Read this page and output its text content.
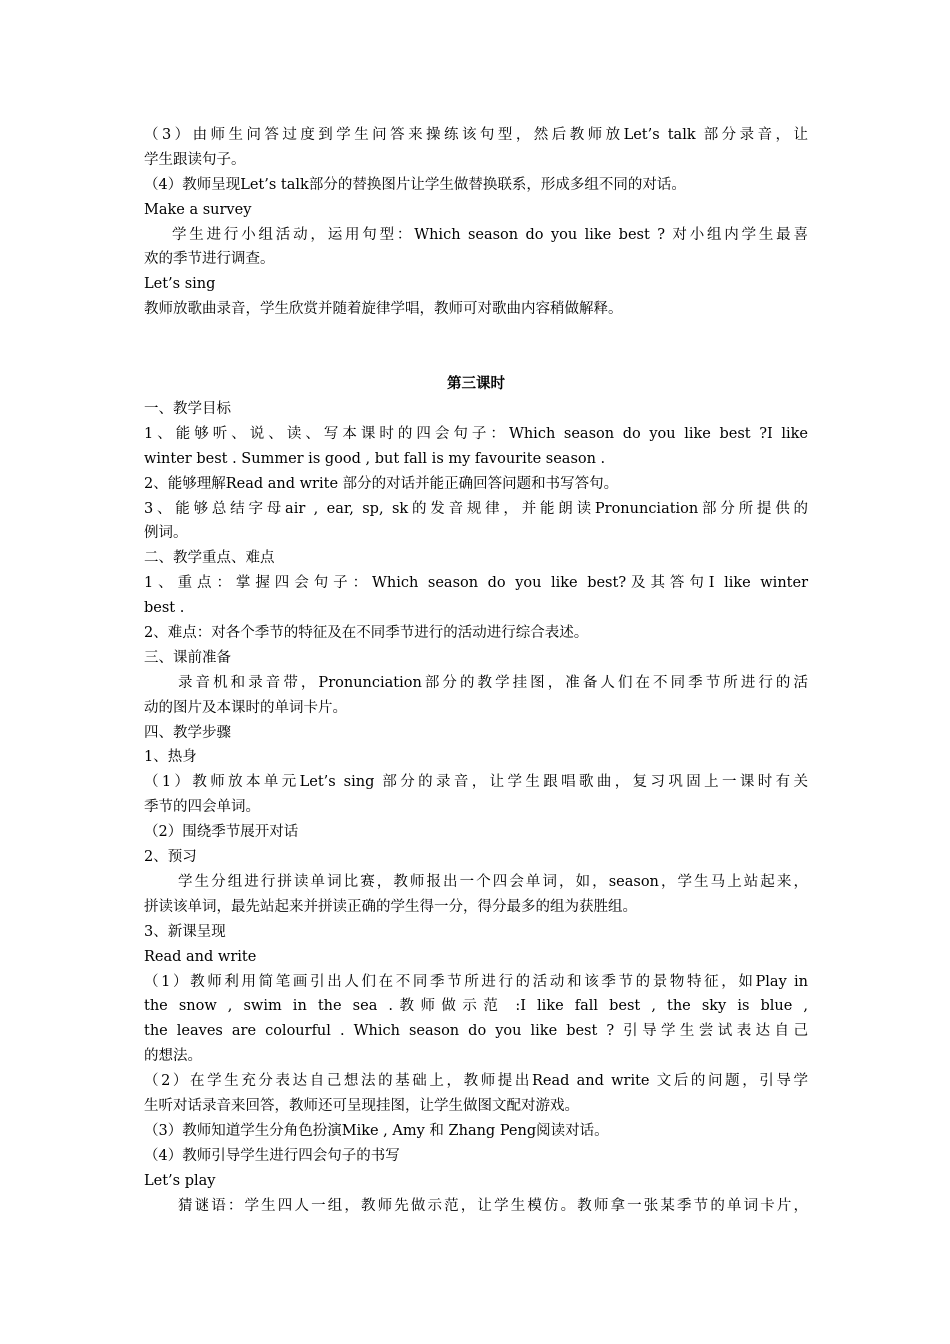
（3）由师生问答过度到学生问答来操练该句型，然后教师放Let’s talk 部分录音，让
学生跟读句子。
（4）教师呈现Let’s talk部分的替换图片让学生做替换联系，形成多组不同的对话。
Make a survey
学生进行小组活动，运用句型：Which season do you like best ? 对小组内学生最喜
欢的季节进行调查。
Let’s sing
教师放歌曲录音，学生欣赏并随着旋律学唱，教师可对歌曲内容稍做解释。
第三课时
一、教学目标
1、能够听、说、读、写本课时的四会句子：Which season do you like best ?I like
winter best . Summer is good , but fall is my favourite season .
2、能够理解Read and write 部分的对话并能正确回答问题和书写答句。
3、能够总结字母air , ear, sp, sk的发音规律，并能朗读Pronunciation部分所提供的
例词。
二、教学重点、难点
1、重点：掌握四会句子：Which season do you like best?及其答句I like winter
best .
2、难点：对各个季节的特征及在不同季节进行的活动进行综合表述。
三、课前准备
录音机和录音带，Pronunciation部分的教学挂图，准备人们在不同季节所进行的活
动的图片及本课时的单词卡片。
四、教学步骤
1、热身
（1）教师放本单元Let’s sing 部分的录音，让学生跟唱歌曲，复习巩固上一课时有关
季节的四会单词。
（2）围绕季节展开对话
2、预习
学生分组进行拼读单词比赛，教师报出一个四会单词，如，season，学生马上站起来，
拼读该单词，最先站起来并拼读正确的学生得一分，得分最多的组为获胜组。
3、新课呈现
Read and write
（1）教师利用简笔画引出人们在不同季节所进行的活动和该季节的景物特征，如Play in
the snow , swim in the sea .教师做示范 :I like fall best , the sky is blue ,
the leaves are colourful . Which season do you like best ? 引导学生尝试表达自己
的想法。
（2）在学生充分表达自己想法的基础上，教师提出Read and write 文后的问题，引导学
生听对话录音来回答，教师还可呈现挂图，让学生做图文配对游戏。
（3）教师知道学生分角色扮演Mike , Amy 和 Zhang Peng阅读对话。
（4）教师引导学生进行四会句子的书写
Let’s play
猜谜语：学生四人一组，教师先做示范，让学生模仿。教师拿一张某季节的单词卡片，
